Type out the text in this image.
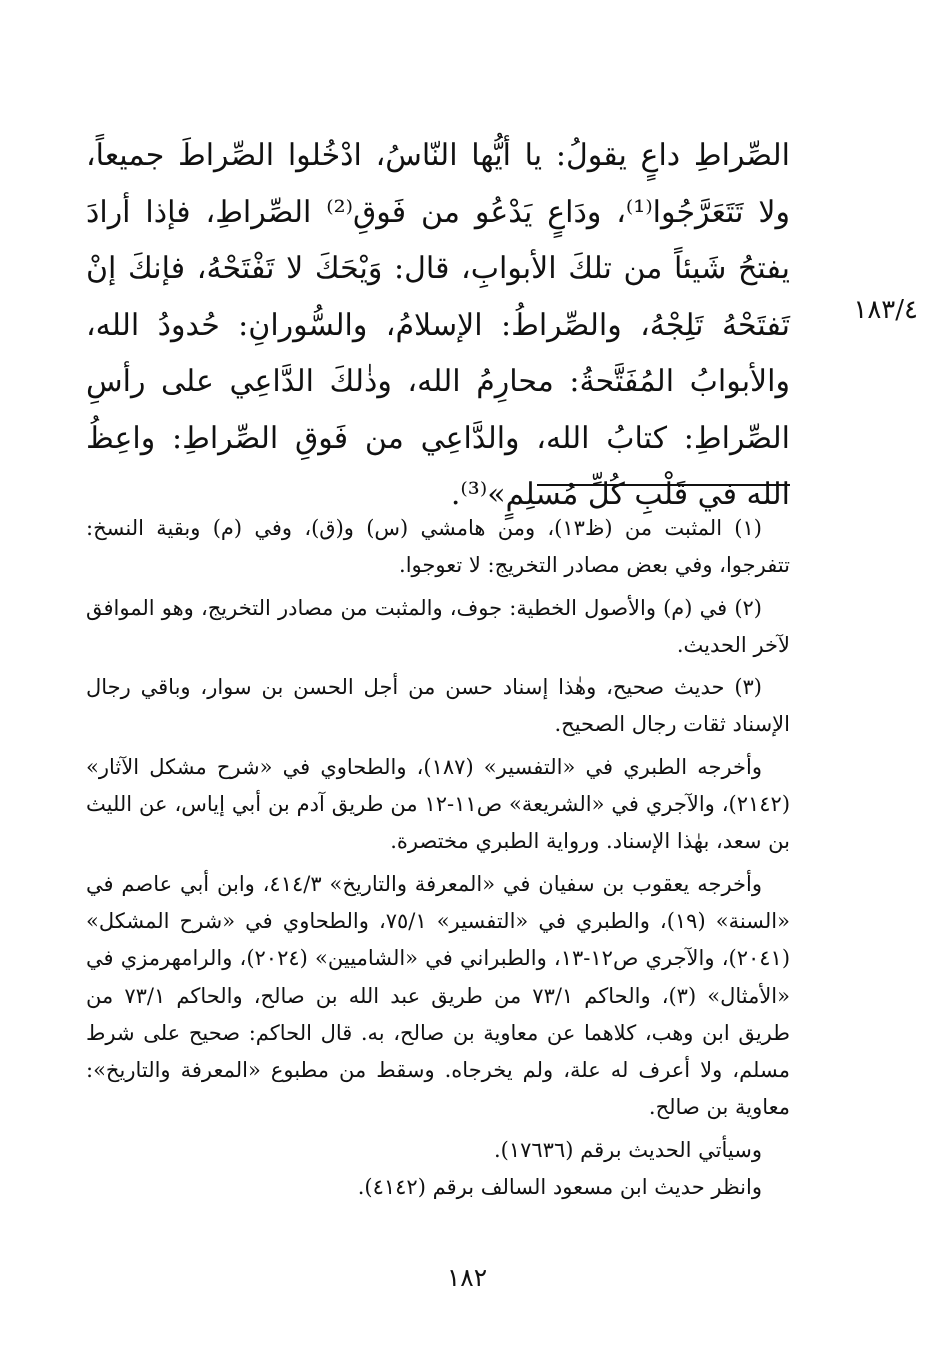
الصِّراطِ داعٍ يقولُ: يا أيُّها النّاسُ، ادْخُلوا الصِّراطَ جميعاً، ولا تَتَعَرَّجُوا⁽¹⁾، ودَاعٍ يَدْعُو من فَوقِ⁽²⁾ الصِّراطِ، فإذا أرادَ يفتحُ شَيئاً من تلكَ الأبوابِ، قال: وَيْحَكَ لا تَفْتَحْهُ، فإنكَ إنْ تَفتَحْهُ تَلِجْهُ، والصِّراطُ: الإسلامُ، والسُّورانِ: حُدودُ الله، والأبوابُ المُفَتَّحةُ: محارِمُ الله، وذٰلكَ الدَّاعِي على رأسِ الصِّراطِ: كتابُ الله، والدَّاعِي من فَوقِ الصِّراطِ: واعِظُ الله في قَلْبِ كُلِّ مُسلِمٍ»⁽³⁾.

١٨٣/٤

(١) المثبت من (ظ١٣)، ومن هامشي (س) و(ق)، وفي (م) وبقية النسخ: تتفرجوا، وفي بعض مصادر التخريج: لا تعوجوا.

(٢) في (م) والأصول الخطية: جوف، والمثبت من مصادر التخريج، وهو الموافق لآخر الحديث.

(٣) حديث صحيح، وهٰذا إسناد حسن من أجل الحسن بن سوار، وباقي رجال الإسناد ثقات رجال الصحيح.

وأخرجه الطبري في «التفسير» (١٨٧)، والطحاوي في «شرح مشكل الآثار» (٢١٤٢)، والآجري في «الشريعة» ص١١-١٢ من طريق آدم بن أبي إياس، عن الليث بن سعد، بهٰذا الإسناد. ورواية الطبري مختصرة.

وأخرجه يعقوب بن سفيان في «المعرفة والتاريخ» ٤١٤/٣، وابن أبي عاصم في «السنة» (١٩)، والطبري في «التفسير» ٧٥/١، والطحاوي في «شرح المشكل» (٢٠٤١)، والآجري ص١٢-١٣، والطبراني في «الشاميين» (٢٠٢٤)، والرامهرمزي في «الأمثال» (٣)، والحاكم ٧٣/١ من طريق عبد الله بن صالح، والحاكم ٧٣/١ من طريق ابن وهب، كلاهما عن معاوية بن صالح، به. قال الحاكم: صحيح على شرط مسلم، ولا أعرف له علة، ولم يخرجاه. وسقط من مطبوع «المعرفة والتاريخ»: معاوية بن صالح.

وسيأتي الحديث برقم (١٧٦٣٦).

وانظر حديث ابن مسعود السالف برقم (٤١٤٢).

١٨٢
